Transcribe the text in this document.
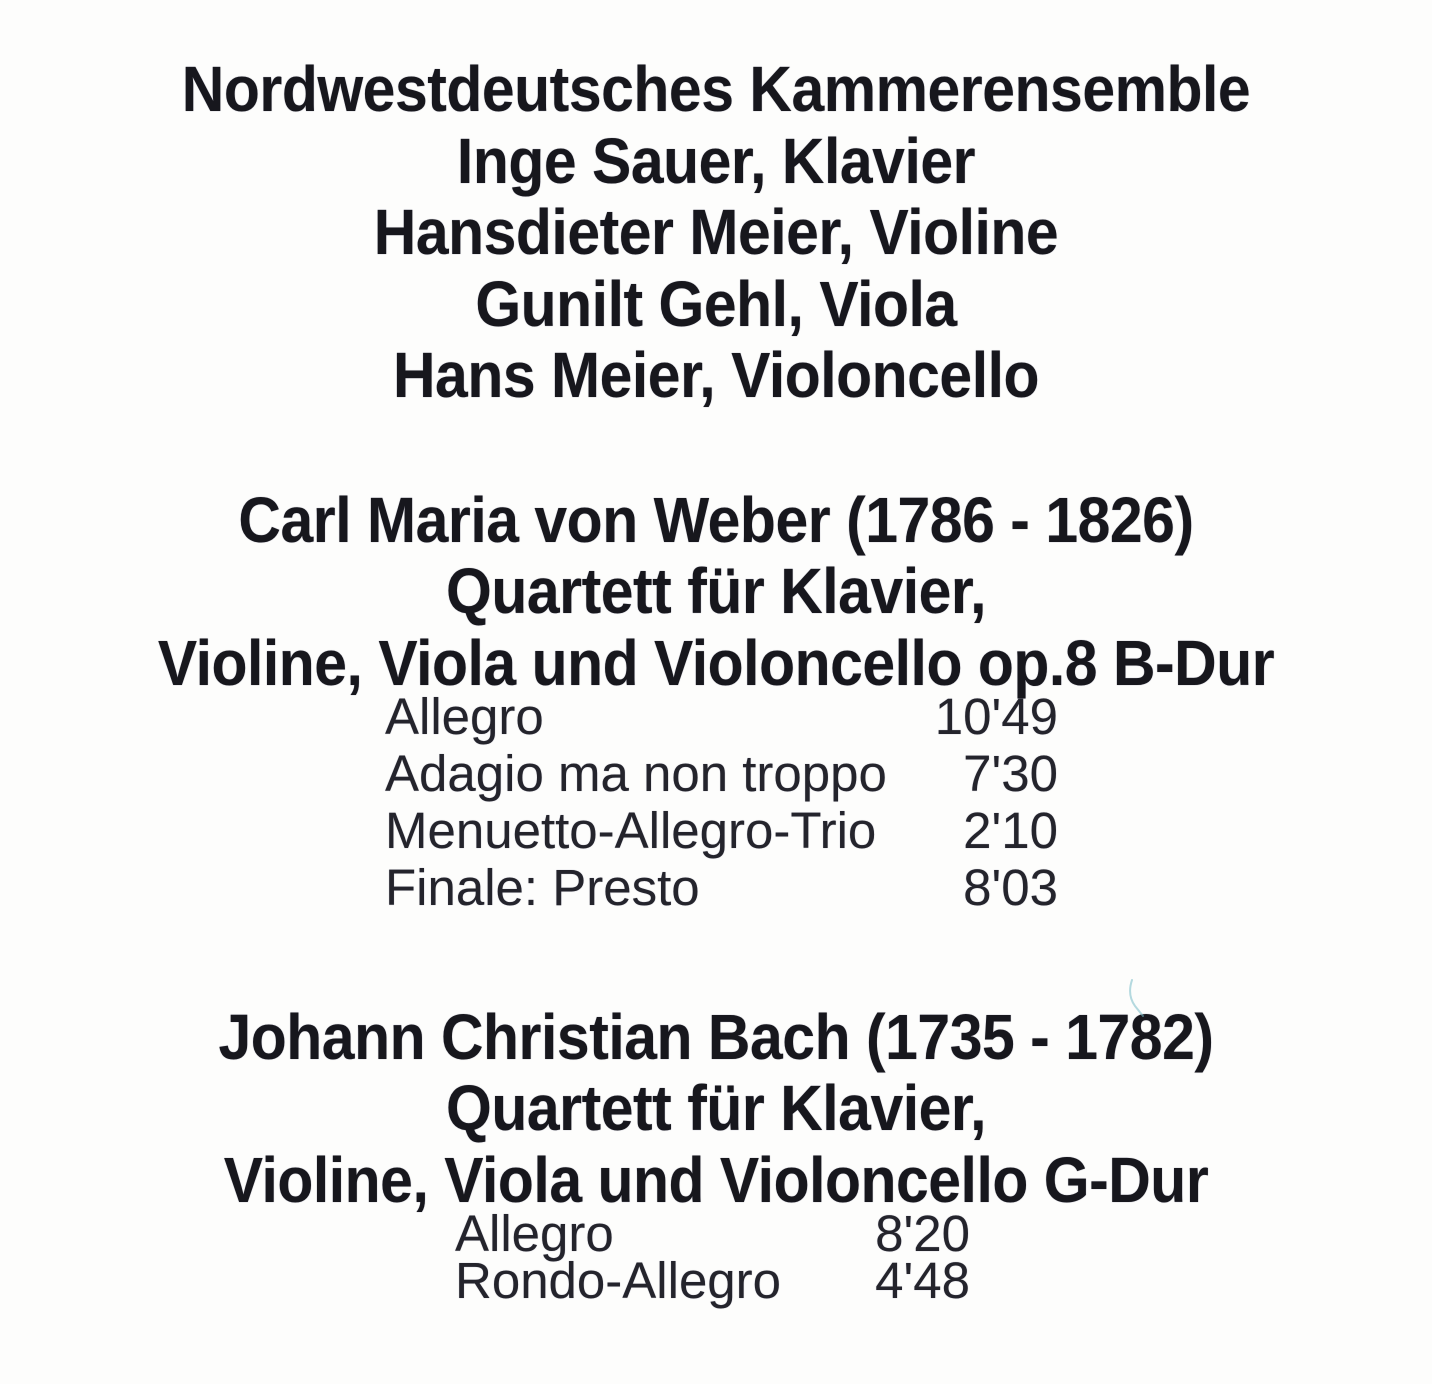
Nordwestdeutsches Kammerensemble
Inge Sauer, Klavier
Hansdieter Meier, Violine
Gunilt Gehl, Viola
Hans Meier, Violoncello
Carl Maria von Weber (1786 - 1826)
Quartett für Klavier,
Violine, Viola und Violoncello op.8 B-Dur
Allegro	10'49
Adagio ma non troppo 7'30
Menuetto-Allegro-Trio 2'10
Finale: Presto	8'03
Johann Christian Bach (1735 - 1782)
Quartett für Klavier,
Violine, Viola und Violoncello G-Dur
Allegro	8'20
Rondo-Allegro 4'48
